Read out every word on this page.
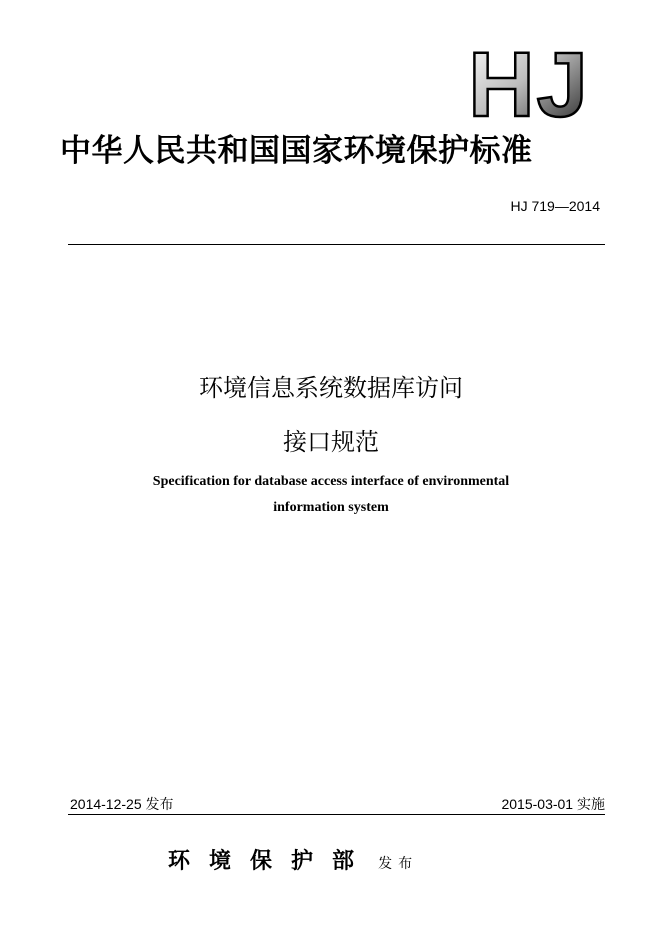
HJ
中华人民共和国国家环境保护标准
HJ 719—2014
环境信息系统数据库访问
接口规范
Specification for database access interface of environmental
information system
2014-12-25 发布	2015-03-01 实施
环境保护部 发布
